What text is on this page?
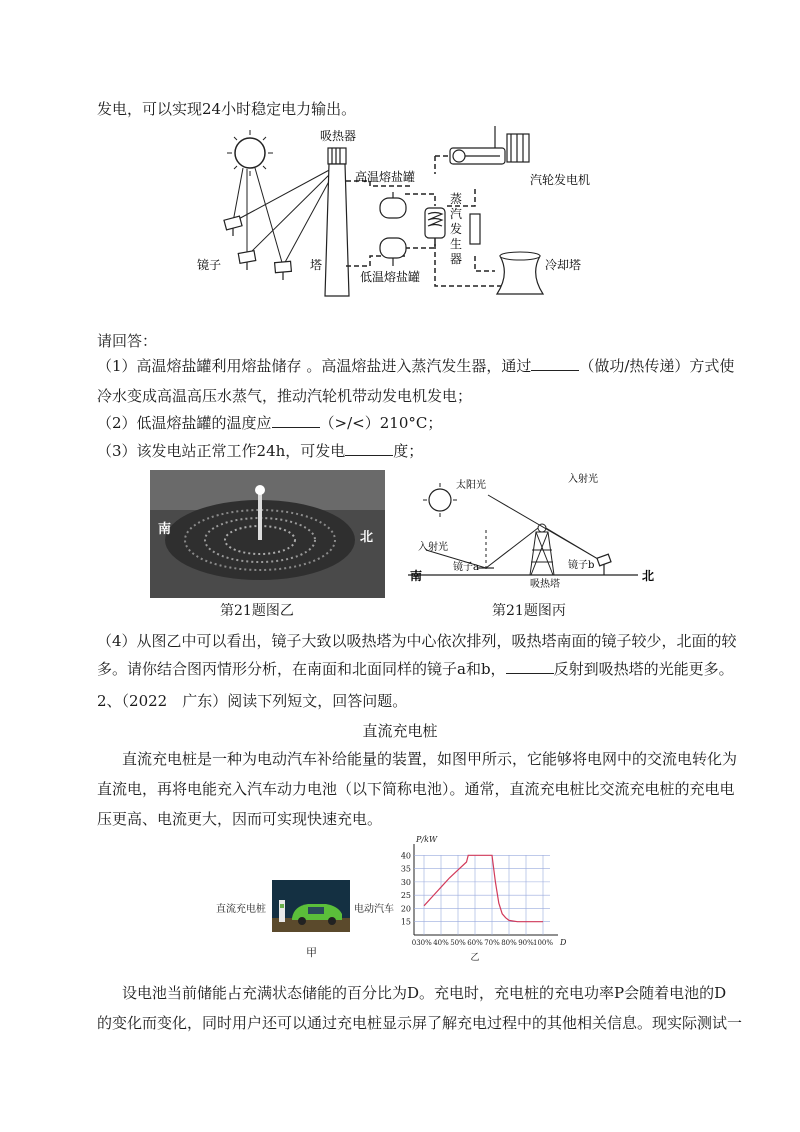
发电，可以实现24小时稳定电力输出。
吸热器
高温熔盐罐
蒸
汽
发
生
器
汽轮发电机
镜子	塔
低温熔盐罐
冷却塔
请回答：
（1）高温熔盐罐利用熔盐储存 。高温熔盐进入蒸汽发生器，通过	（做功/热传递）方式使
冷水变成高温高压水蒸气，推动汽轮机带动发电机发电；
（2）低温熔盐罐的温度应	（>/<）210°C；
（3）该发电站正常工作24h，可发电	度；
南
北
第21题图乙
太阳光
入射光
入射光
镜子a	镜子b
吸热塔
南	北
第21题图丙
（4）从图乙中可以看出，镜子大致以吸热塔为中心依次排列，吸热塔南面的镜子较少，北面的较
多。请你结合图丙情形分析，在南面和北面同样的镜子a和b，	反射到吸热塔的光能更多。
2、（2022　广东）阅读下列短文，回答问题。
直流充电桩
直流充电桩是一种为电动汽车补给能量的装置，如图甲所示，它能够将电网中的交流电转化为
直流电，再将电能充入汽车动力电池（以下简称电池）。通常，直流充电桩比交流充电桩的充电电
压更高、电流更大，因而可实现快速充电。
直流充电桩	电动汽车
甲
15
20
25
30
35
40
0 30% 40% 50% 60% 70% 80% 90% 100%
P/kW
D
乙
设电池当前储能占充满状态储能的百分比为D。充电时，充电桩的充电功率P会随着电池的D
的变化而变化，同时用户还可以通过充电桩显示屏了解充电过程中的其他相关信息。现实际测试一
